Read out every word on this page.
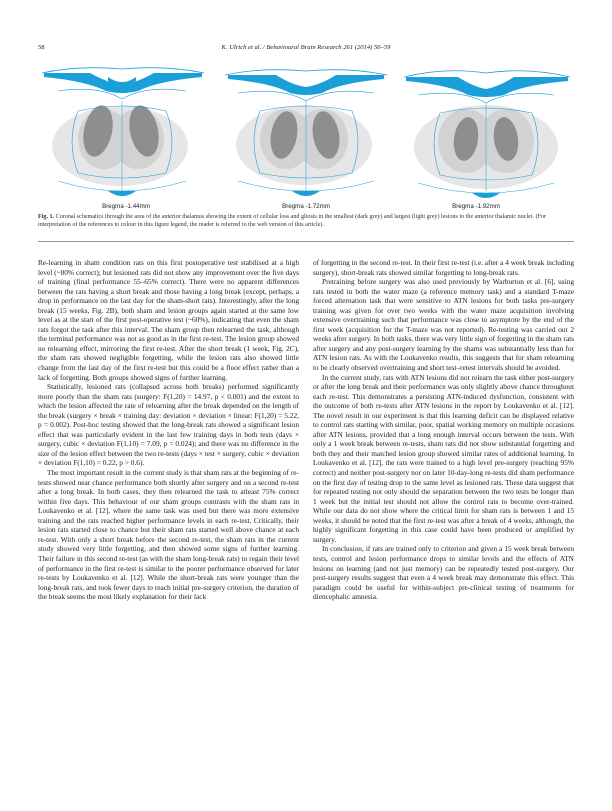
58	K. Ulrich et al. / Behavioural Brain Research 261 (2014) 56–59
Bregma -1.44mm	Bregma -1.72mm	Bregma -1.92mm
Fig. 1. Coronal schematics through the area of the anterior thalamus showing the extent of cellular loss and gliosis in the smallest (dark grey) and largest (light grey) lesions to the anterior thalamic nuclei. (For interpretation of the references to colour in this figure legend, the reader is referred to the web version of this article).

Re-learning in sham condition rats on this first postoperative test stabilised at a high level (~80% correct); but lesioned rats did not show any improvement over the five days of training (final performance 55–65% correct). There were no apparent differences between the rats having a short break and those having a long break (except, perhaps, a drop in performance on the last day for the sham-short rats). Interestingly, after the long break (15 weeks, Fig. 2B), both sham and lesion groups again started at the same low level as at the start of the first post-operative test (~60%), indicating that even the sham rats forgot the task after this interval. The sham group then relearned the task, although the terminal performance was not as good as in the first re-test. The lesion group showed no relearning effect, mirroring the first re-test. After the short break (1 week, Fig. 2C), the sham rats showed negligible forgetting, while the lesion rats also showed little change from the last day of the first re-test but this could be a floor effect rather than a lack of forgetting. Both groups showed signs of further learning.

Statistically, lesioned rats (collapsed across both breaks) performed significantly more poorly than the sham rats (surgery: F(1,20) = 14.97, p < 0.001) and the extent to which the lesion affected the rate of relearning after the break depended on the length of the break (surgery × break × training day: deviation × deviation × linear: F(1,20) = 5.22, p = 0.002). Post-hoc testing showed that the long-break rats showed a significant lesion effect that was particularly evident in the last few training days in both tests (days × surgery, cubic × deviation F(1,10) = 7.09, p = 0.024); and there was no difference in the size of the lesion effect between the two re-tests (days × test × surgery, cubic × deviation × deviation F(1,10) = 0.22, p > 0.6).

The most important result in the current study is that sham rats at the beginning of re-tests showed near chance performance both shortly after surgery and on a second re-test after a long break. In both cases, they then relearned the task to atleast 75% correct within five days. This behaviour of our sham groups contrasts with the sham rats in Loukavenko et al. [12], where the same task was used but there was more extensive training and the rats reached higher performance levels in each re-test. Critically, their lesion rats started close to chance but their sham rats started well above chance at each re-test. With only a short break before the second re-test, the sham rats in the current study showed very little forgetting, and then showed some signs of further learning. Their failure in this second re-test (as with the sham long-break rats) to regain their level of performance in the first re-test is similar to the poorer performance observed for later re-tests by Loukavenko et al. [12]. While the short-break rats were younger than the long-break rats, and took fewer days to reach initial pre-surgery criterion, the duration of the break seems the most likely explanation for their lack

of forgetting in the second re-test. In their first re-test (i.e. after a 4 week break including surgery), short-break rats showed similar forgetting to long-break rats.

Pretraining before surgery was also used previously by Warburton et al. [6], using rats tested in both the water maze (a reference memory task) and a standard T-maze forced alternation task that were sensitive to ATN lesions for both tasks pre-surgery training was given for over two weeks with the water maze acquisition involving extensive overtraining such that performance was close to asymptote by the end of the first week (acquisition for the T-maze was not reported). Re-testing was carried out 2 weeks after surgery. In both tasks, there was very little sign of forgetting in the sham rats after surgery and any post-surgery learning by the shams was substantially less than for ATN lesion rats. As with the Loukavenko results, this suggests that for sham relearning to be clearly observed overtraining and short test–retest intervals should be avoided.

In the current study, rats with ATN lesions did not relearn the task either post-surgery or after the long break and their performance was only slightly above chance throughout each re-test. This demonstrates a persisting ATN-induced dysfunction, consistent with the outcome of both re-tests after ATN lesions in the report by Loukavenko et al. [12]. The novel result in our experiment is that this learning deficit can be displayed relative to control rats starting with similar, poor, spatial working memory on multiple occasions after ATN lesions, provided that a long enough interval occurs between the tests. With only a 1 week break between re-tests, sham rats did not show substantial forgetting and both they and their matched lesion group showed similar rates of additional learning. In Loukavenko et al. [12], the rats were trained to a high level pre-surgery (reaching 95% correct) and neither post-surgery nor on later 10-day-long re-tests did sham performance on the first day of testing drop to the same level as lesioned rats. These data suggest that for repeated testing not only should the separation between the two tests be longer than 1 week but the initial test should not allow the control rats to become over-trained. While our data do not show where the critical limit for sham rats is between 1 and 15 weeks, it should be noted that the first re-test was after a break of 4 weeks, although, the highly significant forgetting in this case could have been produced or amplified by surgery.

In conclusion, if rats are trained only to criterion and given a 15 week break between tests, control and lesion performance drops to similar levels and the effects of ATN lesions on learning (and not just memory) can be repeatedly tested post-surgery. Our post-surgery results suggest that even a 4 week break may demonstrate this effect. This paradigm could be useful for within-subject pre-clinical testing of treatments for diencephalic amnesia.
